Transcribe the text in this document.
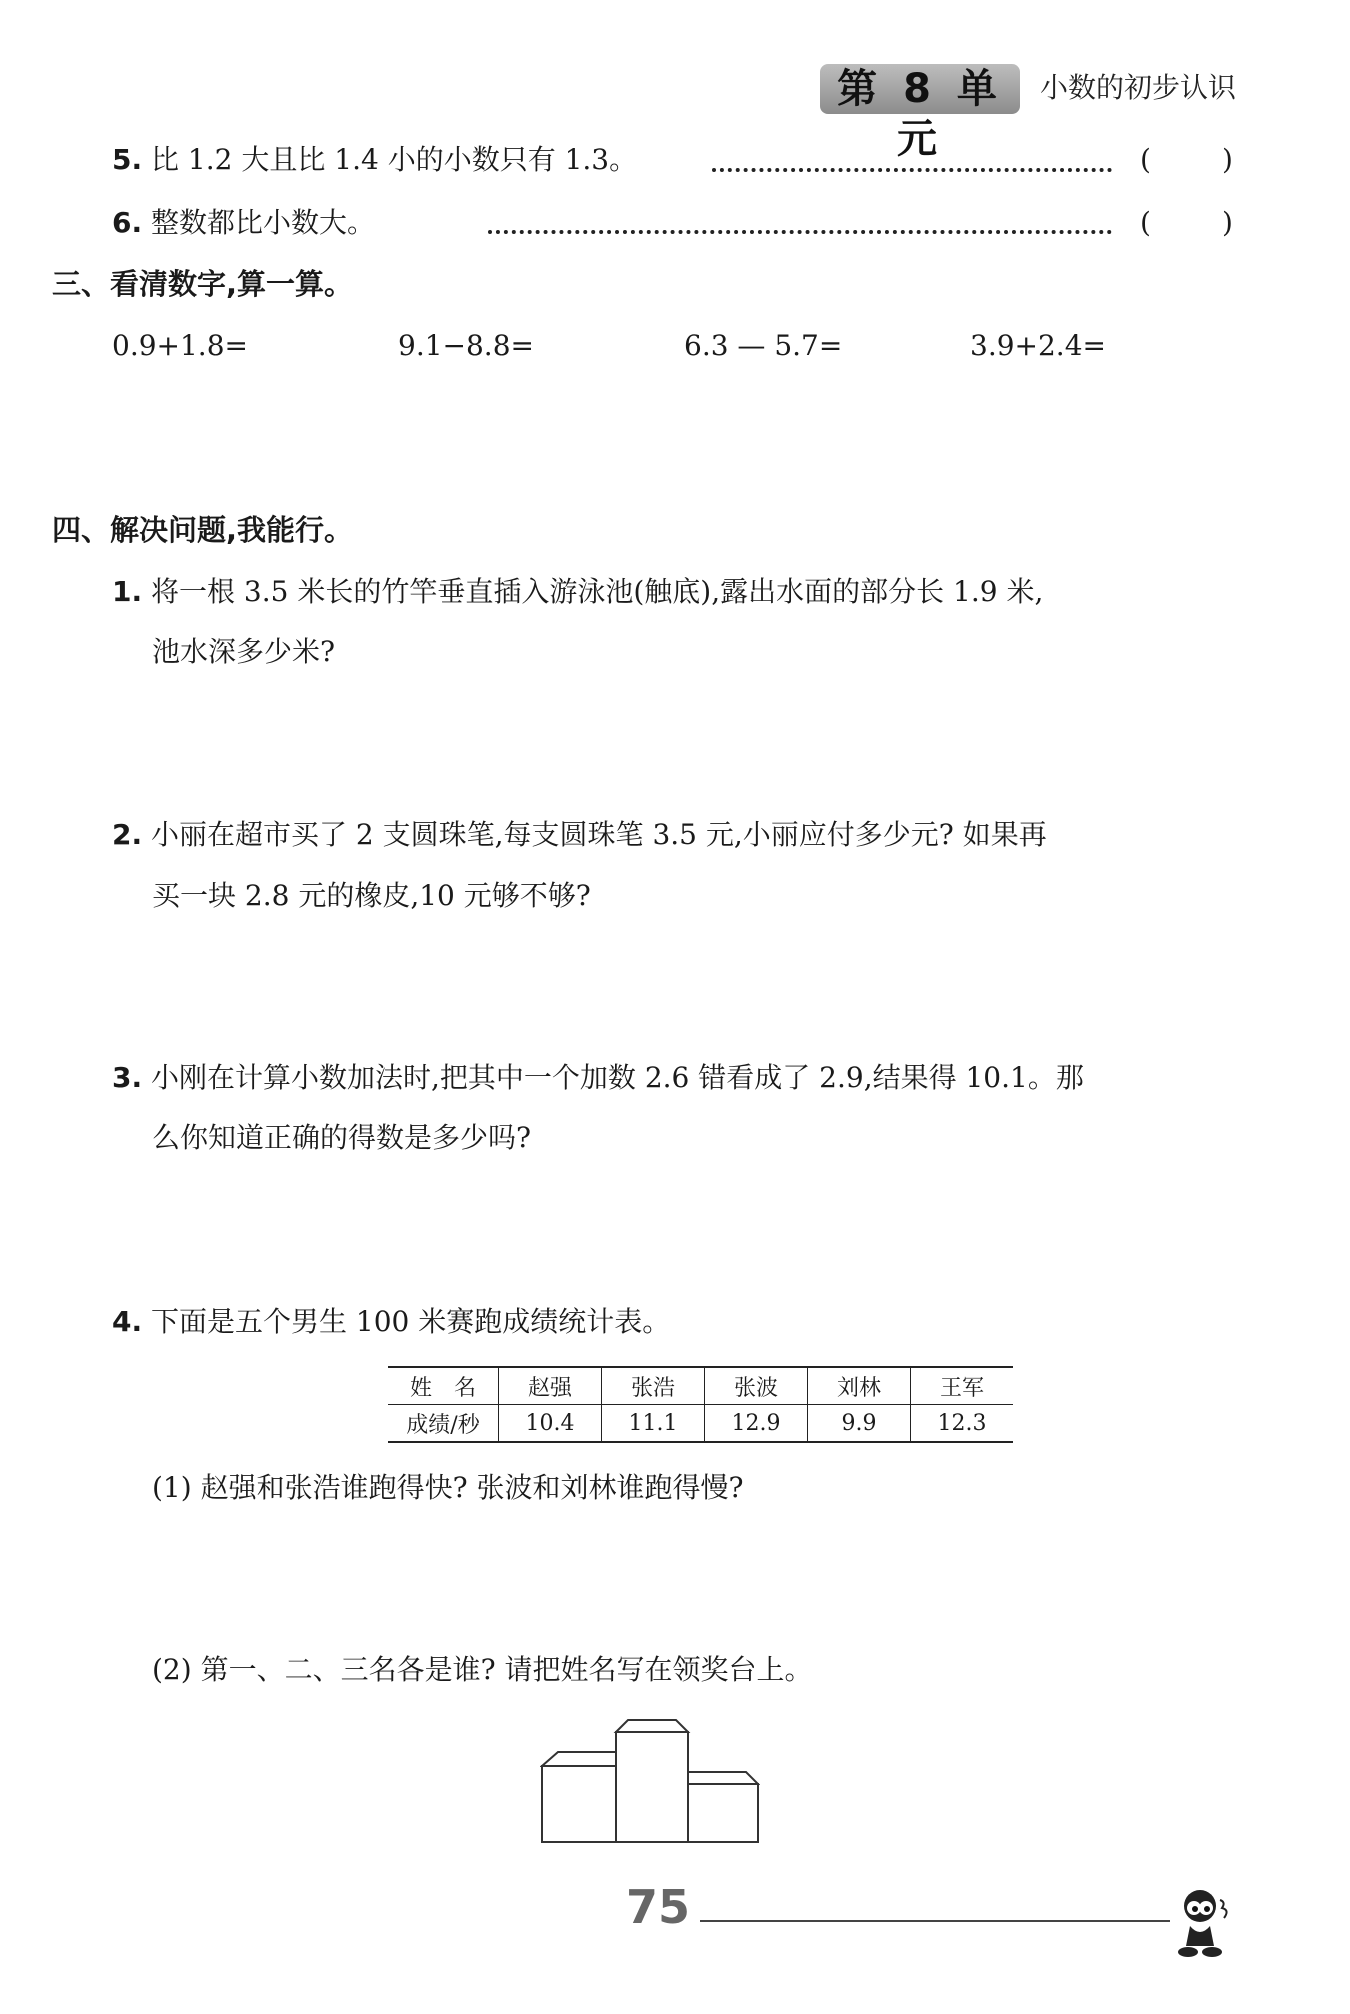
第 8 单元
小数的初步认识
5. 比 1.2 大且比 1.4 小的小数只有 1.3。	(	)
6. 整数都比小数大。	(	)
三、看清数字,算一算。
0.9+1.8=	9.1−8.8=	6.3 — 5.7=	3.9+2.4=
四、解决问题,我能行。
1. 将一根 3.5 米长的竹竿垂直插入游泳池(触底),露出水面的部分长 1.9 米,
池水深多少米?
2. 小丽在超市买了 2 支圆珠笔,每支圆珠笔 3.5 元,小丽应付多少元? 如果再
买一块 2.8 元的橡皮,10 元够不够?
3. 小刚在计算小数加法时,把其中一个加数 2.6 错看成了 2.9,结果得 10.1。那
么你知道正确的得数是多少吗?
4. 下面是五个男生 100 米赛跑成绩统计表。
姓　名	赵强	张浩	张波	刘林	王军
成绩/秒	10.4	11.1	12.9	9.9	12.3
(1) 赵强和张浩谁跑得快? 张波和刘林谁跑得慢?
(2) 第一、二、三名各是谁? 请把姓名写在领奖台上。
75
